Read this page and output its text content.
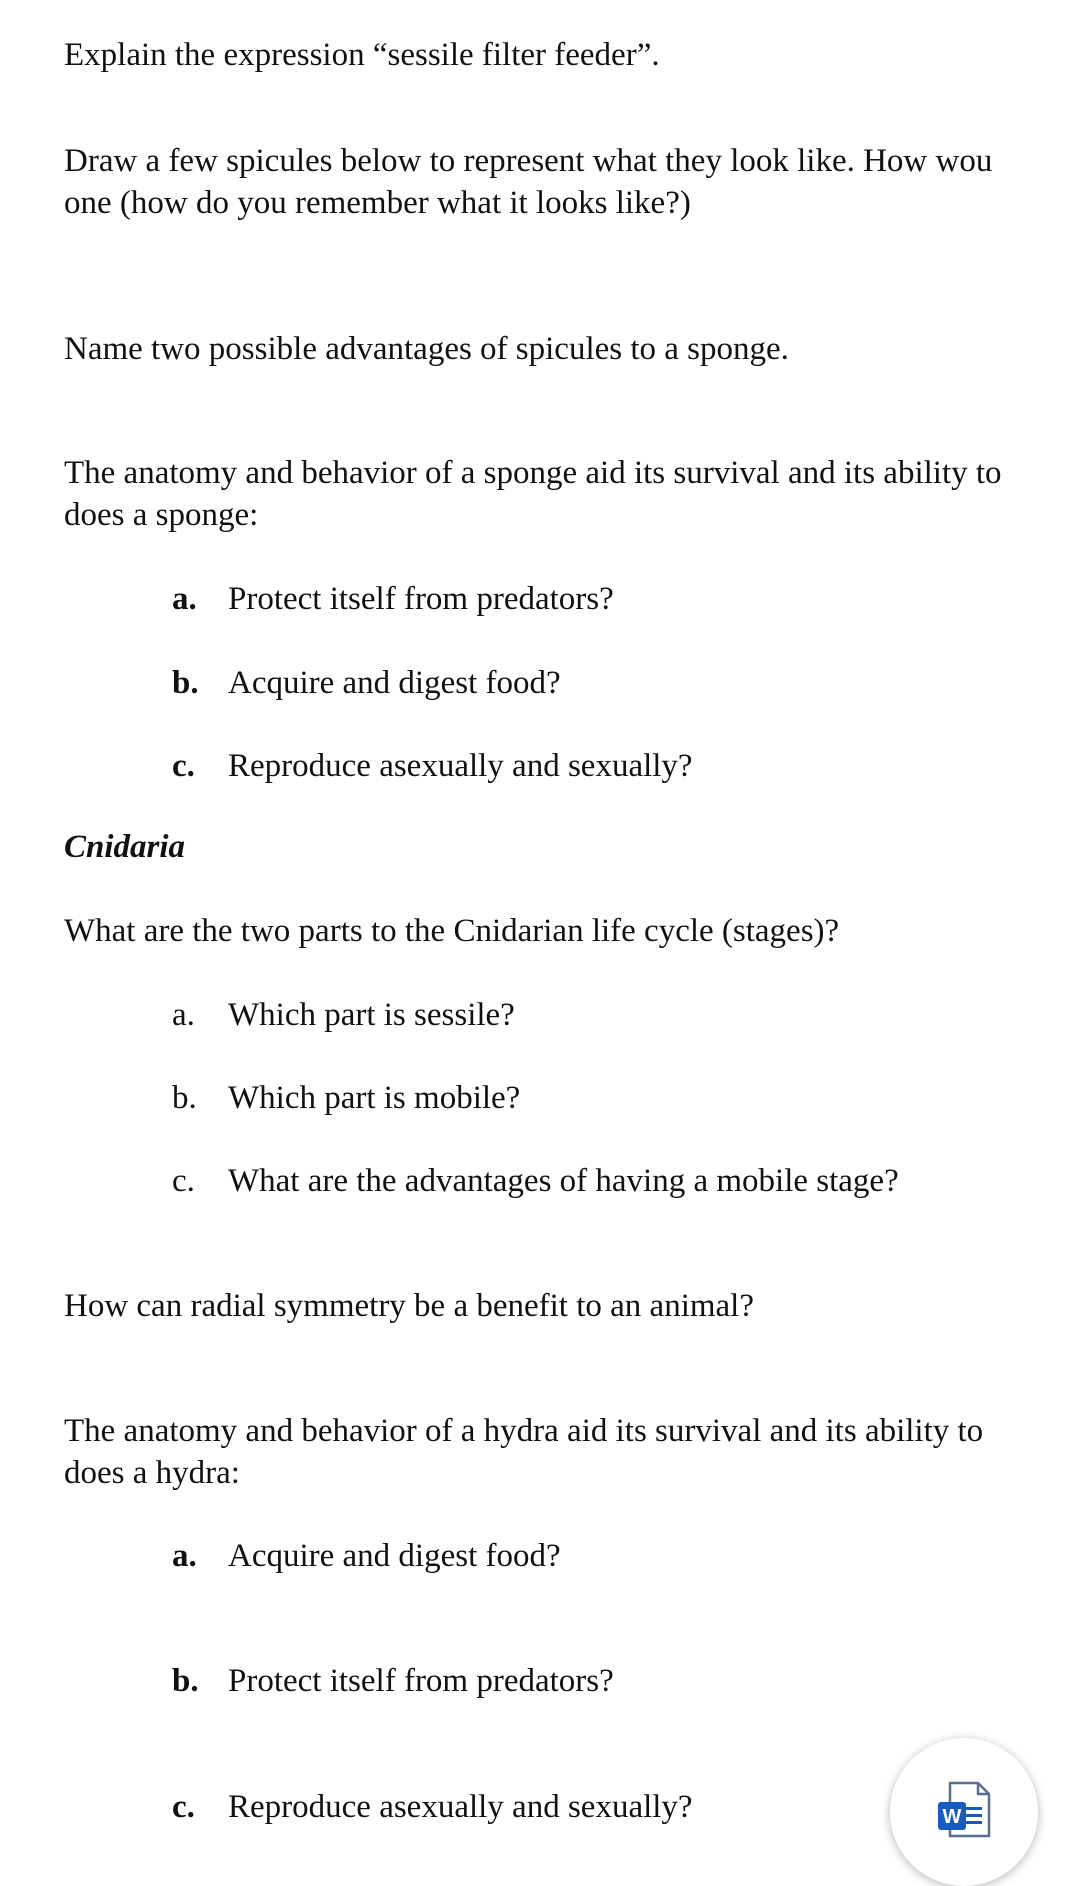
Explain the expression “sessile filter feeder”.
Draw a few spicules below to represent what they look like. How wou
one (how do you remember what it looks like?)
Name two possible advantages of spicules to a sponge.
The anatomy and behavior of a sponge aid its survival and its ability to
does a sponge:
a. Protect itself from predators?
b. Acquire and digest food?
c. Reproduce asexually and sexually?
Cnidaria
What are the two parts to the Cnidarian life cycle (stages)?
a. Which part is sessile?
b. Which part is mobile?
c. What are the advantages of having a mobile stage?
How can radial symmetry be a benefit to an animal?
The anatomy and behavior of a hydra aid its survival and its ability to
does a hydra:
a. Acquire and digest food?
b. Protect itself from predators?
c. Reproduce asexually and sexually?	W
